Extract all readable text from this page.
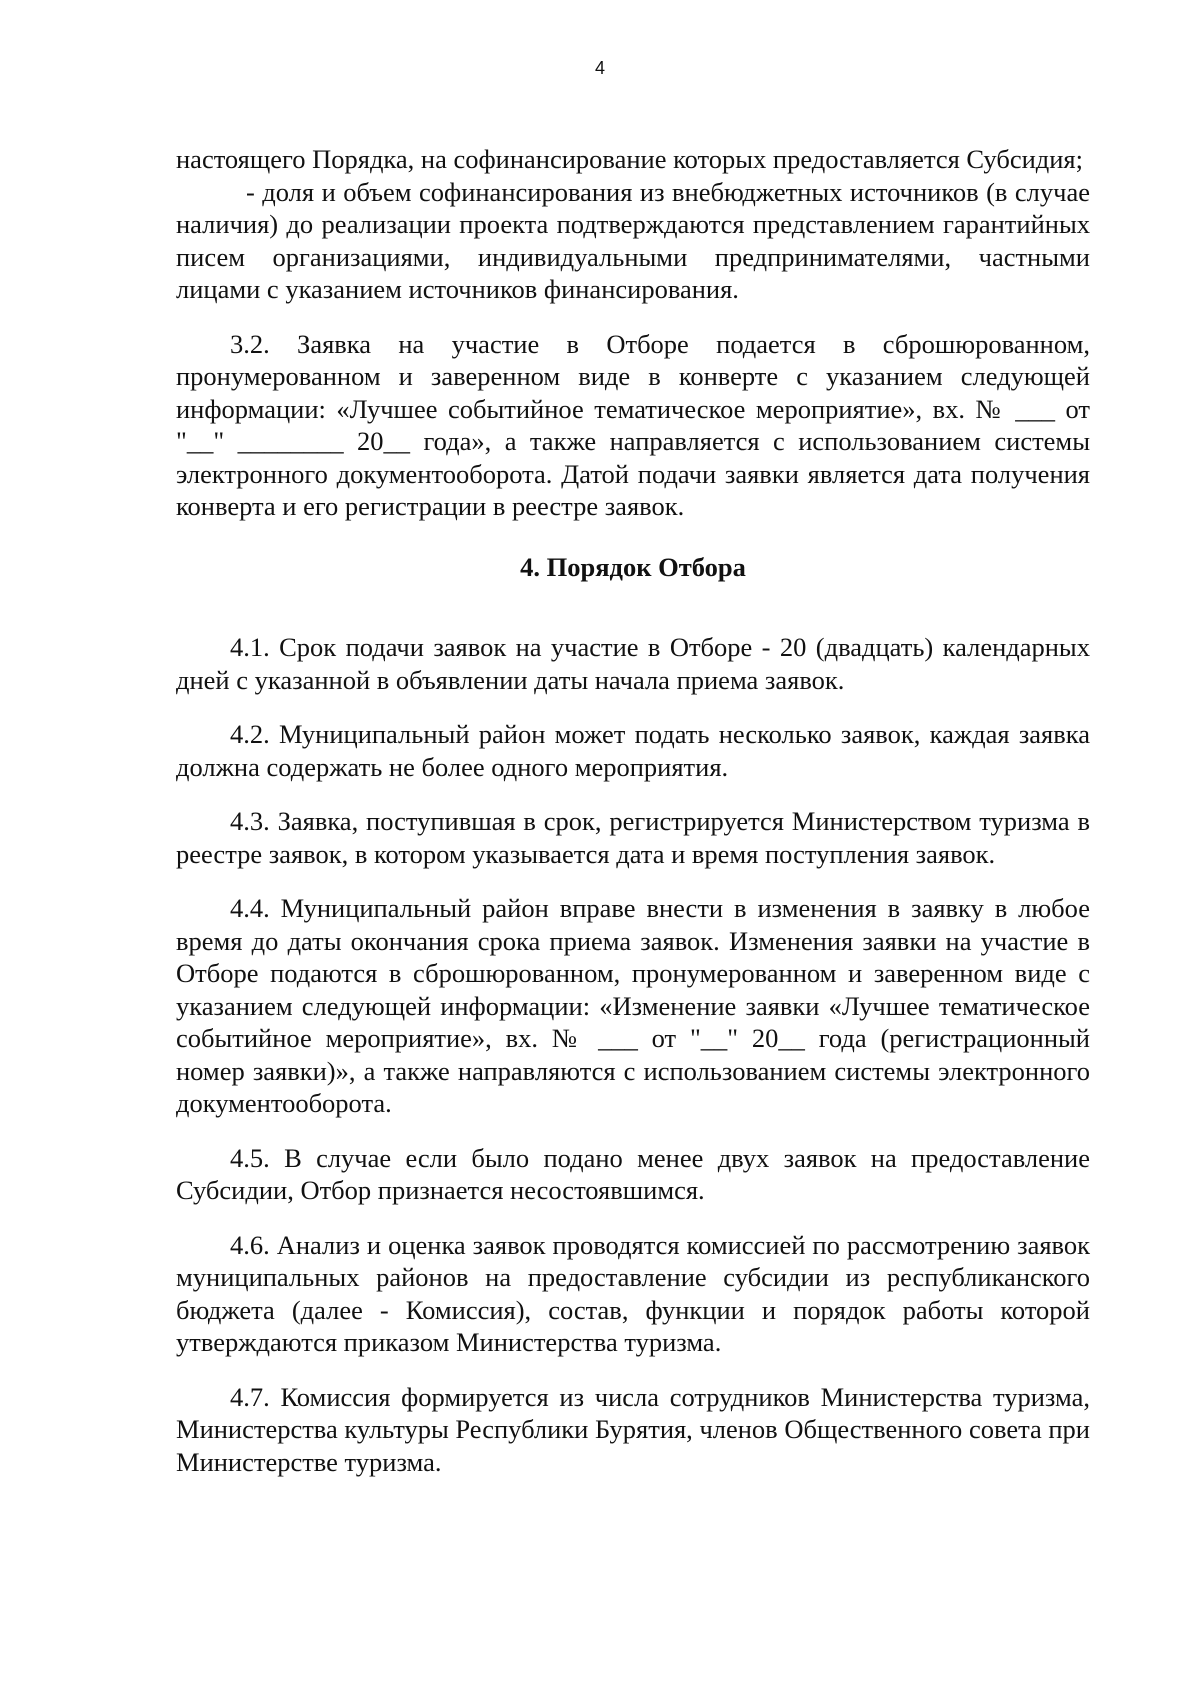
4

настоящего Порядка, на софинансирование которых предоставляется Субсидия;

- доля и объем софинансирования из внебюджетных источников (в случае наличия) до реализации проекта подтверждаются представлением гарантийных писем организациями, индивидуальными предпринимателями, частными лицами с указанием источников финансирования.

3.2. Заявка на участие в Отборе подается в сброшюрованном, пронумерованном и заверенном виде в конверте с указанием следующей информации: «Лучшее событийное тематическое мероприятие», вх. № ___ от "__" ________ 20__ года», а также направляется с использованием системы электронного документооборота. Датой подачи заявки является дата получения конверта и его регистрации в реестре заявок.

4. Порядок Отбора

4.1. Срок подачи заявок на участие в Отборе - 20 (двадцать) календарных дней с указанной в объявлении даты начала приема заявок.

4.2. Муниципальный район может подать несколько заявок, каждая заявка должна содержать не более одного мероприятия.

4.3. Заявка, поступившая в срок, регистрируется Министерством туризма в реестре заявок, в котором указывается дата и время поступления заявок.

4.4. Муниципальный район вправе внести в изменения в заявку в любое время до даты окончания срока приема заявок. Изменения заявки на участие в Отборе подаются в сброшюрованном, пронумерованном и заверенном виде с указанием следующей информации: «Изменение заявки «Лучшее тематическое событийное мероприятие», вх. № ___ от "__" 20__ года (регистрационный номер заявки)», а также направляются с использованием системы электронного документооборота.

4.5. В случае если было подано менее двух заявок на предоставление Субсидии, Отбор признается несостоявшимся.

4.6. Анализ и оценка заявок проводятся комиссией по рассмотрению заявок муниципальных районов на предоставление субсидии из республиканского бюджета (далее - Комиссия), состав, функции и порядок работы которой утверждаются приказом Министерства туризма.

4.7. Комиссия формируется из числа сотрудников Министерства туризма, Министерства культуры Республики Бурятия, членов Общественного совета при Министерстве туризма.
